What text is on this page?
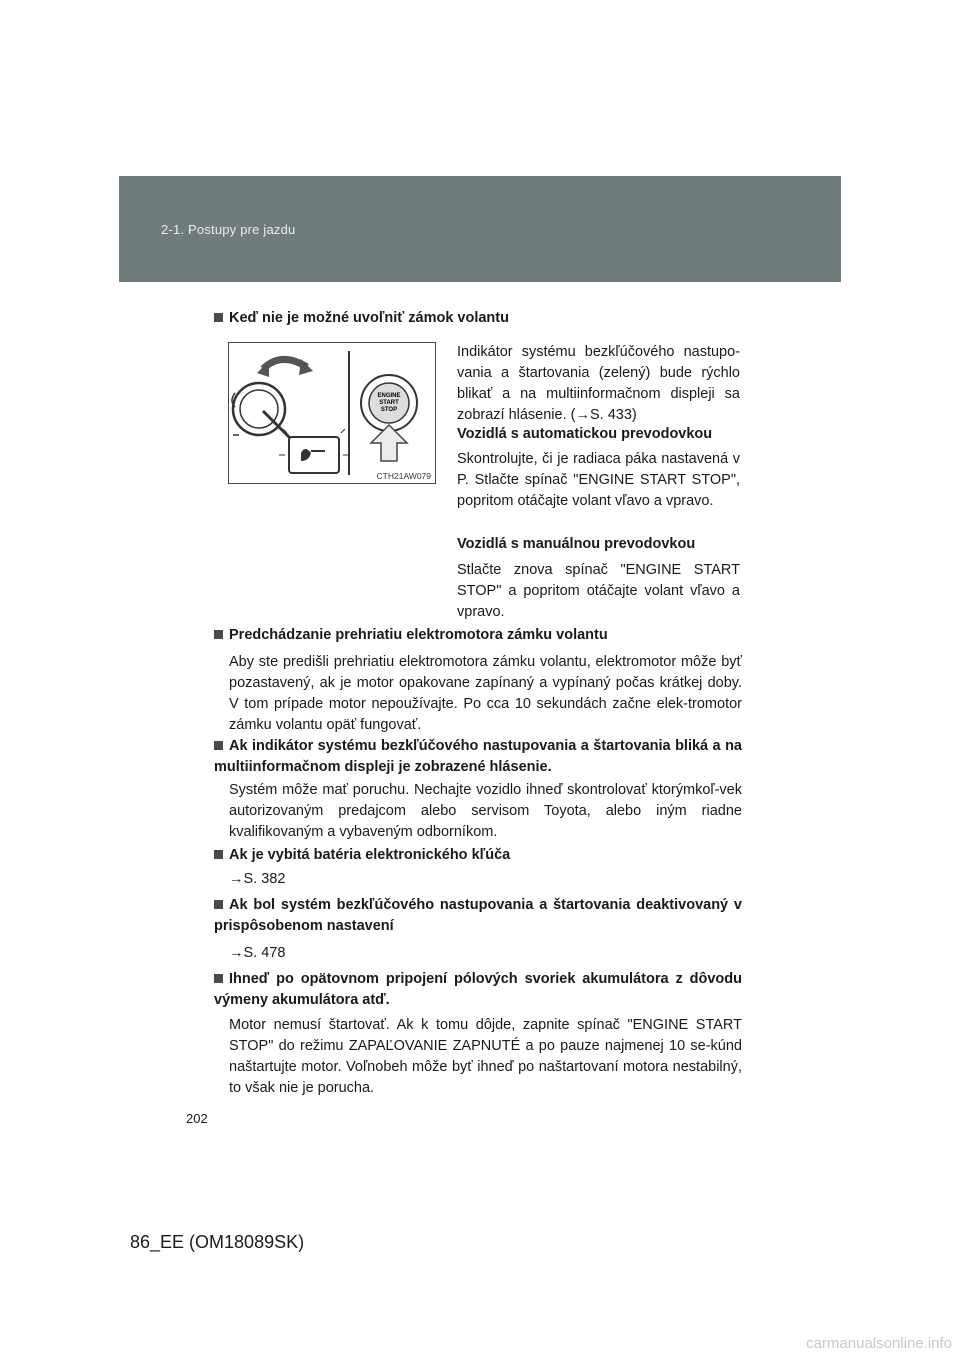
2-1. Postupy pre jazdu
Keď nie je možné uvoľniť zámok volantu
ENGINE
START
STOP
CTH21AW079
Indikátor systému bezkľúčového nastupo-vania a štartovania (zelený) bude rýchlo blikať a na multiinformačnom displeji sa zobrazí hlásenie. (→S. 433)
Vozidlá s automatickou prevodovkou
Skontrolujte, či je radiaca páka nastavená v P. Stlačte spínač "ENGINE START STOP", popritom otáčajte volant vľavo a vpravo.
Vozidlá s manuálnou prevodovkou
Stlačte znova spínač "ENGINE START STOP" a popritom otáčajte volant vľavo a vpravo.
Predchádzanie prehriatiu elektromotora zámku volantu
Aby ste predišli prehriatiu elektromotora zámku volantu, elektromotor môže byť pozastavený, ak je motor opakovane zapínaný a vypínaný počas krátkej doby. V tom prípade motor nepoužívajte. Po cca 10 sekundách začne elek-tromotor zámku volantu opäť fungovať.
Ak indikátor systému bezkľúčového nastupovania a štartovania bliká a na multiinformačnom displeji je zobrazené hlásenie.
Systém môže mať poruchu. Nechajte vozidlo ihneď skontrolovať ktorýmkoľ-vek autorizovaným predajcom alebo servisom Toyota, alebo iným riadne kvalifikovaným a vybaveným odborníkom.
Ak je vybitá batéria elektronického kľúča
→S. 382
Ak bol systém bezkľúčového nastupovania a štartovania deaktivovaný v prispôsobenom nastavení
→S. 478
Ihneď po opätovnom pripojení pólových svoriek akumulátora z dôvodu výmeny akumulátora atď.
Motor nemusí štartovať. Ak k tomu dôjde, zapnite spínač "ENGINE START STOP" do režimu ZAPAĽOVANIE ZAPNUTÉ a po pauze najmenej 10 se-kúnd naštartujte motor. Voľnobeh môže byť ihneď po naštartovaní motora nestabilný, to však nie je porucha.
202
86_EE (OM18089SK)
carmanualsonline.info
